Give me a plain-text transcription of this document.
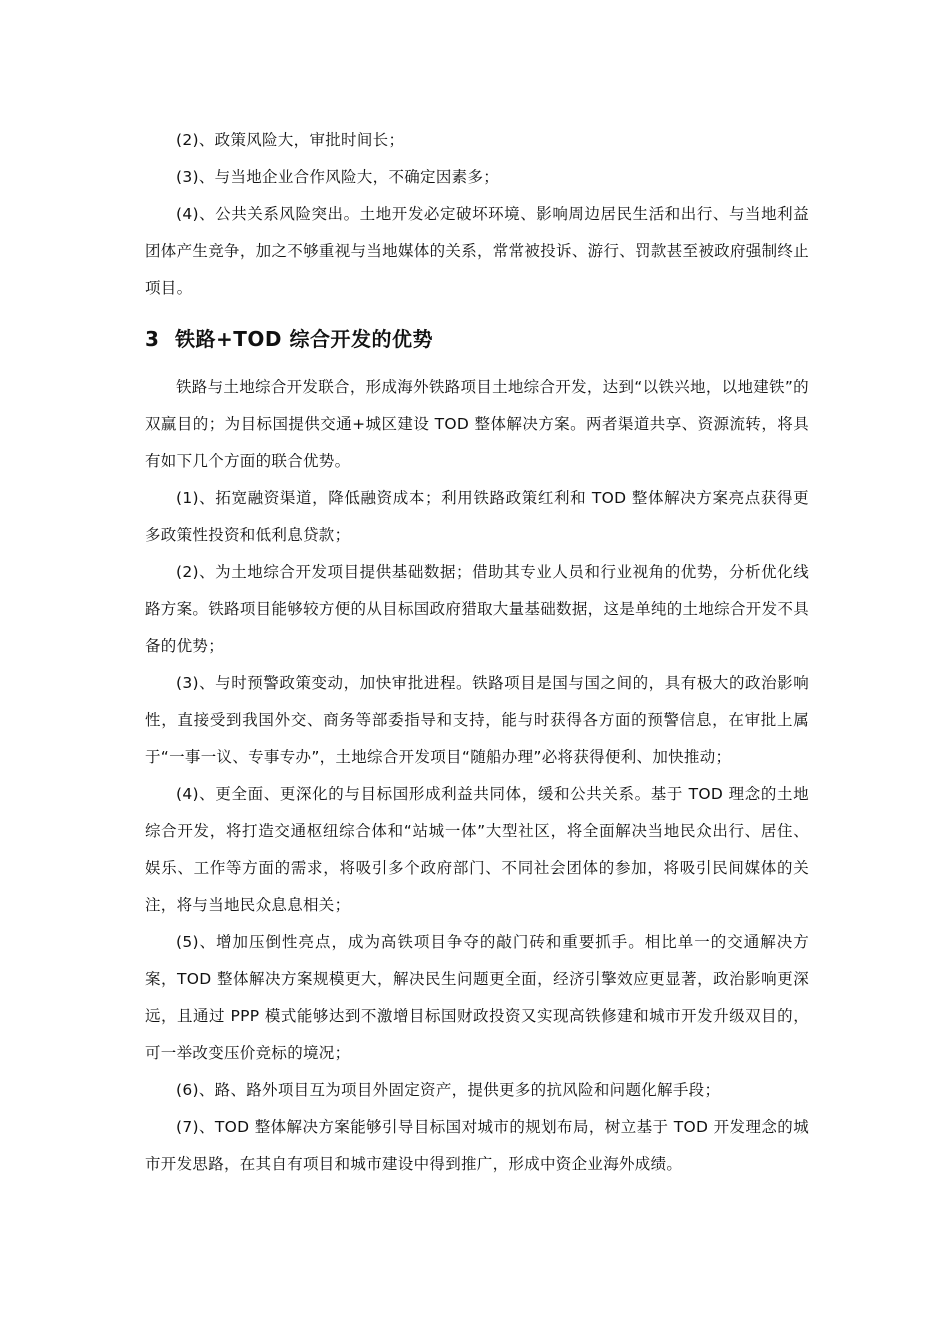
(2)、政策风险大，审批时间长；

(3)、与当地企业合作风险大，不确定因素多；

(4)、公共关系风险突出。土地开发必定破坏环境、影响周边居民生活和出行、与当地利益团体产生竞争，加之不够重视与当地媒体的关系，常常被投诉、游行、罚款甚至被政府强制终止项目。

3 铁路+TOD 综合开发的优势

铁路与土地综合开发联合，形成海外铁路项目土地综合开发，达到“以铁兴地，以地建铁”的双赢目的；为目标国提供交通+城区建设 TOD 整体解决方案。两者渠道共享、资源流转，将具有如下几个方面的联合优势。

(1)、拓宽融资渠道，降低融资成本；利用铁路政策红利和 TOD 整体解决方案亮点获得更多政策性投资和低利息贷款；

(2)、为土地综合开发项目提供基础数据；借助其专业人员和行业视角的优势，分析优化线路方案。铁路项目能够较方便的从目标国政府猎取大量基础数据，这是单纯的土地综合开发不具备的优势；

(3)、与时预警政策变动，加快审批进程。铁路项目是国与国之间的，具有极大的政治影响性，直接受到我国外交、商务等部委指导和支持，能与时获得各方面的预警信息，在审批上属于“一事一议、专事专办”，土地综合开发项目“随船办理”必将获得便利、加快推动；

(4)、更全面、更深化的与目标国形成利益共同体，缓和公共关系。基于 TOD 理念的土地综合开发，将打造交通枢纽综合体和“站城一体”大型社区，将全面解决当地民众出行、居住、娱乐、工作等方面的需求，将吸引多个政府部门、不同社会团体的参加，将吸引民间媒体的关注，将与当地民众息息相关；

(5)、增加压倒性亮点，成为高铁项目争夺的敲门砖和重要抓手。相比单一的交通解决方案，TOD 整体解决方案规模更大，解决民生问题更全面，经济引擎效应更显著，政治影响更深远，且通过 PPP 模式能够达到不激增目标国财政投资又实现高铁修建和城市开发升级双目的，可一举改变压价竞标的境况；

(6)、路、路外项目互为项目外固定资产，提供更多的抗风险和问题化解手段；

(7)、TOD 整体解决方案能够引导目标国对城市的规划布局，树立基于 TOD 开发理念的城市开发思路，在其自有项目和城市建设中得到推广，形成中资企业海外成绩。
